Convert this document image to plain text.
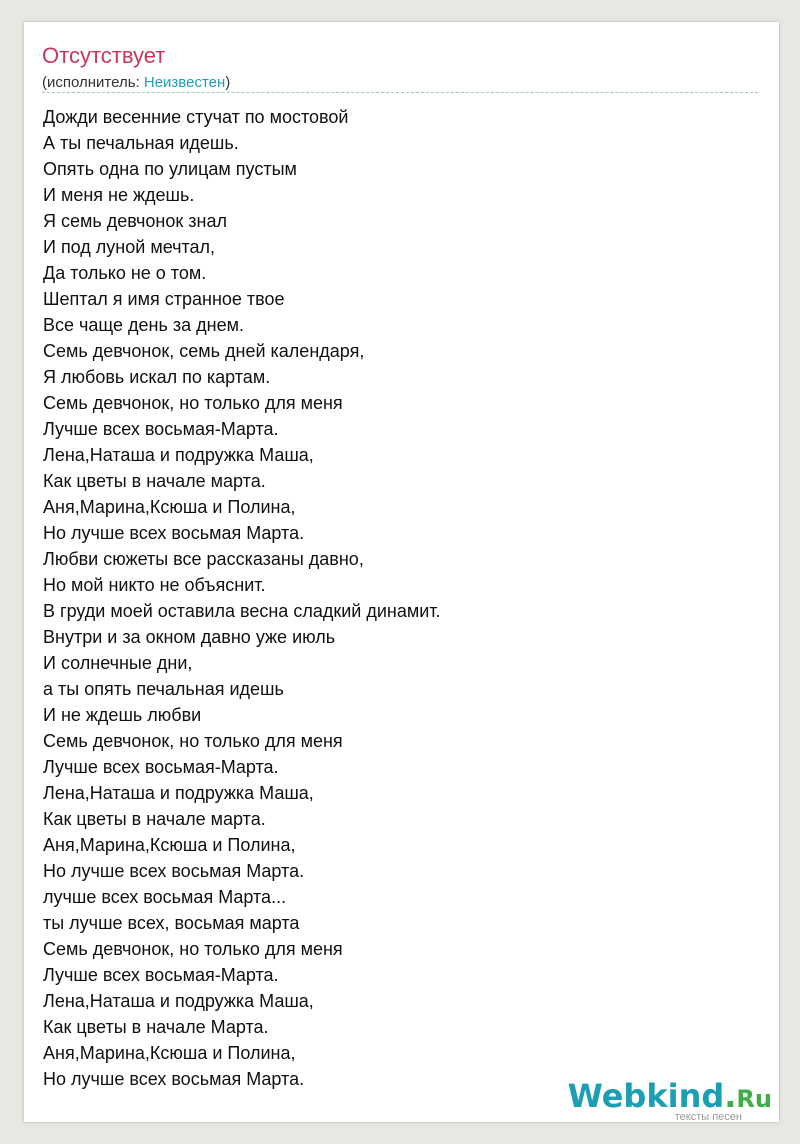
Отсутствует
(исполнитель: Неизвестен)
Дожди весенние стучат по мостовой
А ты печальная идешь.
Опять одна по улицам пустым
И меня не ждешь.
Я семь девчонок знал
И под луной мечтал,
Да только не о том.
Шептал я имя странное твое
Все чаще день за днем.
Семь девчонок, семь дней календаря,
Я любовь искал по картам.
Семь девчонок, но только для меня
Лучше всех восьмая-Марта.
Лена,Наташа и подружка Маша,
Как цветы в начале марта.
Аня,Марина,Ксюша и Полина,
Но лучше всех восьмая Марта.
Любви сюжеты все рассказаны давно,
Но мой никто не объяснит.
В груди моей оставила весна сладкий динамит.
Внутри и за окном давно уже июль
И солнечные дни,
а ты опять печальная идешь
И не ждешь любви
Семь девчонок, но только для меня
Лучше всех восьмая-Марта.
Лена,Наташа и подружка Маша,
Как цветы в начале марта.
Аня,Марина,Ксюша и Полина,
Но лучше всех восьмая Марта.
лучше всех восьмая Марта...
ты лучше всех, восьмая марта
Семь девчонок, но только для меня
Лучше всех восьмая-Марта.
Лена,Наташа и подружка Маша,
Как цветы в начале Марта.
Аня,Марина,Ксюша и Полина,
Но лучше всех восьмая Марта.	Webkind.Ru
тексты песен
